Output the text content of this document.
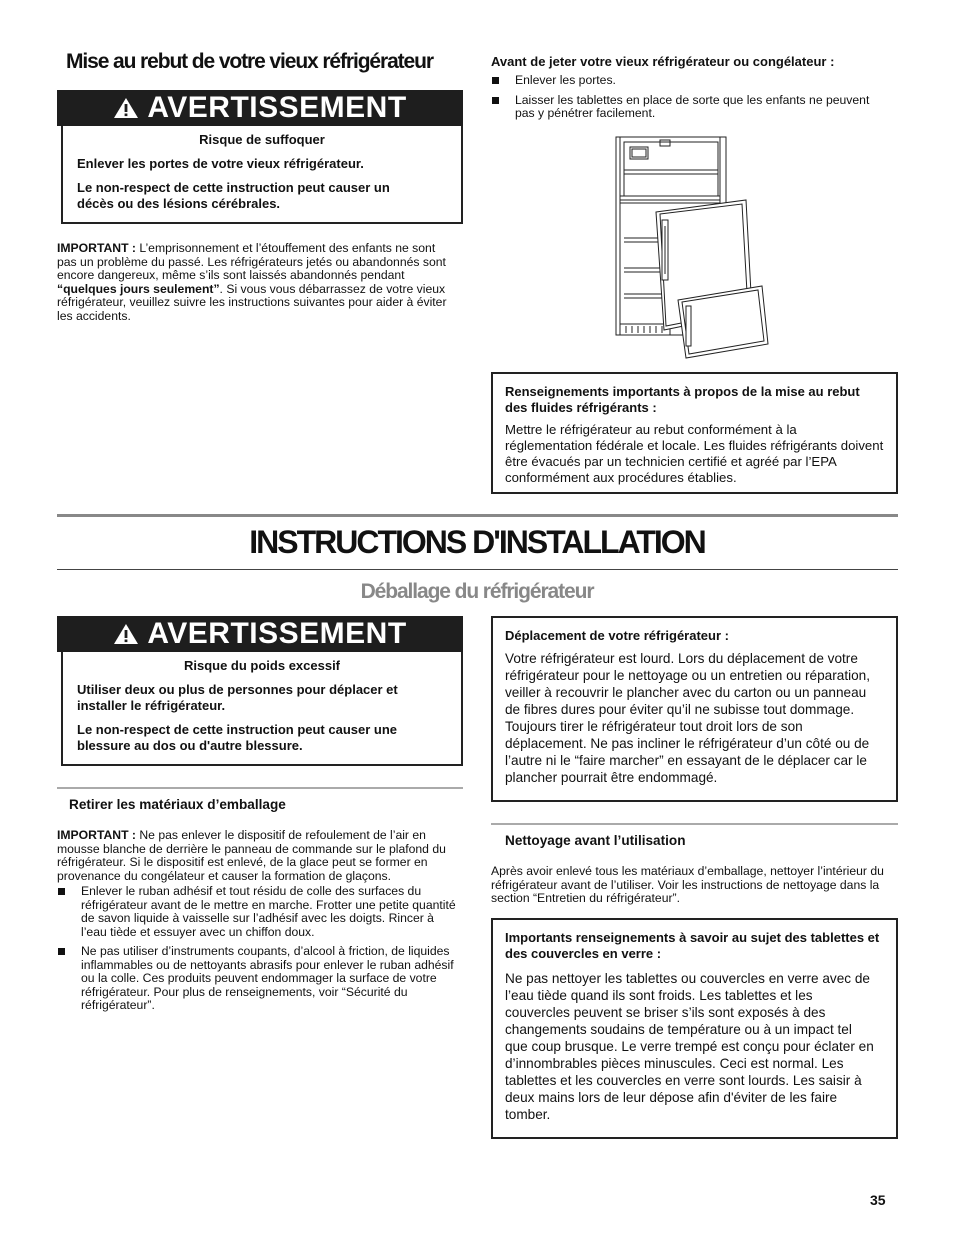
Mise au rebut de votre vieux réfrigérateur
AVERTISSEMENT

Risque de suffoquer

Enlever les portes de votre vieux réfrigérateur.

Le non-respect de cette instruction peut causer un décès ou des lésions cérébrales.

IMPORTANT : L’emprisonnement et l’étouffement des enfants ne sont pas un problème du passé. Les réfrigérateurs jetés ou abandonnés sont encore dangereux, même s’ils sont laissés abandonnés pendant “quelques jours seulement”. Si vous vous débarrassez de votre vieux réfrigérateur, veuillez suivre les instructions suivantes pour aider à éviter les accidents.
Avant de jeter votre vieux réfrigérateur ou congélateur :
Enlever les portes.
Laisser les tablettes en place de sorte que les enfants ne peuvent pas y pénétrer facilement.
Renseignements importants à propos de la mise au rebut des fluides réfrigérants :
Mettre le réfrigérateur au rebut conformément à la réglementation fédérale et locale. Les fluides réfrigérants doivent être évacués par un technicien certifié et agréé par l’EPA conformément aux procédures établies.
INSTRUCTIONS D'INSTALLATION
Déballage du réfrigérateur
AVERTISSEMENT

Risque du poids excessif

Utiliser deux ou plus de personnes pour déplacer et installer le réfrigérateur.

Le non-respect de cette instruction peut causer une blessure au dos ou d'autre blessure.

Retirer les matériaux d’emballage
IMPORTANT : Ne pas enlever le dispositif de refoulement de l’air en mousse blanche de derrière le panneau de commande sur le plafond du réfrigérateur. Si le dispositif est enlevé, de la glace peut se former en provenance du congélateur et causer la formation de glaçons.
Enlever le ruban adhésif et tout résidu de colle des surfaces du réfrigérateur avant de le mettre en marche. Frotter une petite quantité de savon liquide à vaisselle sur l’adhésif avec les doigts. Rincer à l’eau tiède et essuyer avec un chiffon doux.
Ne pas utiliser d’instruments coupants, d’alcool à friction, de liquides inflammables ou de nettoyants abrasifs pour enlever le ruban adhésif ou la colle. Ces produits peuvent endommager la surface de votre réfrigérateur. Pour plus de renseignements, voir “Sécurité du réfrigérateur”.
Déplacement de votre réfrigérateur :
Votre réfrigérateur est lourd. Lors du déplacement de votre réfrigérateur pour le nettoyage ou un entretien ou réparation, veiller à recouvrir le plancher avec du carton ou un panneau de fibres dures pour éviter qu’il ne subisse tout dommage. Toujours tirer le réfrigérateur tout droit lors de son déplacement. Ne pas incliner le réfrigérateur d’un côté ou de l’autre ni le “faire marcher” en essayant de le déplacer car le plancher pourrait être endommagé.
Nettoyage avant l’utilisation
Après avoir enlevé tous les matériaux d’emballage, nettoyer l’intérieur du réfrigérateur avant de l’utiliser. Voir les instructions de nettoyage dans la section “Entretien du réfrigérateur”.
Importants renseignements à savoir au sujet des tablettes et des couvercles en verre :
Ne pas nettoyer les tablettes ou couvercles en verre avec de l’eau tiède quand ils sont froids. Les tablettes et les couvercles peuvent se briser s’ils sont exposés à des changements soudains de température ou à un impact tel que coup brusque. Le verre trempé est conçu pour éclater en d’innombrables pièces minuscules. Ceci est normal. Les tablettes et les couvercles en verre sont lourds. Les saisir à deux mains lors de leur dépose afin d'éviter de les faire tomber.
35
